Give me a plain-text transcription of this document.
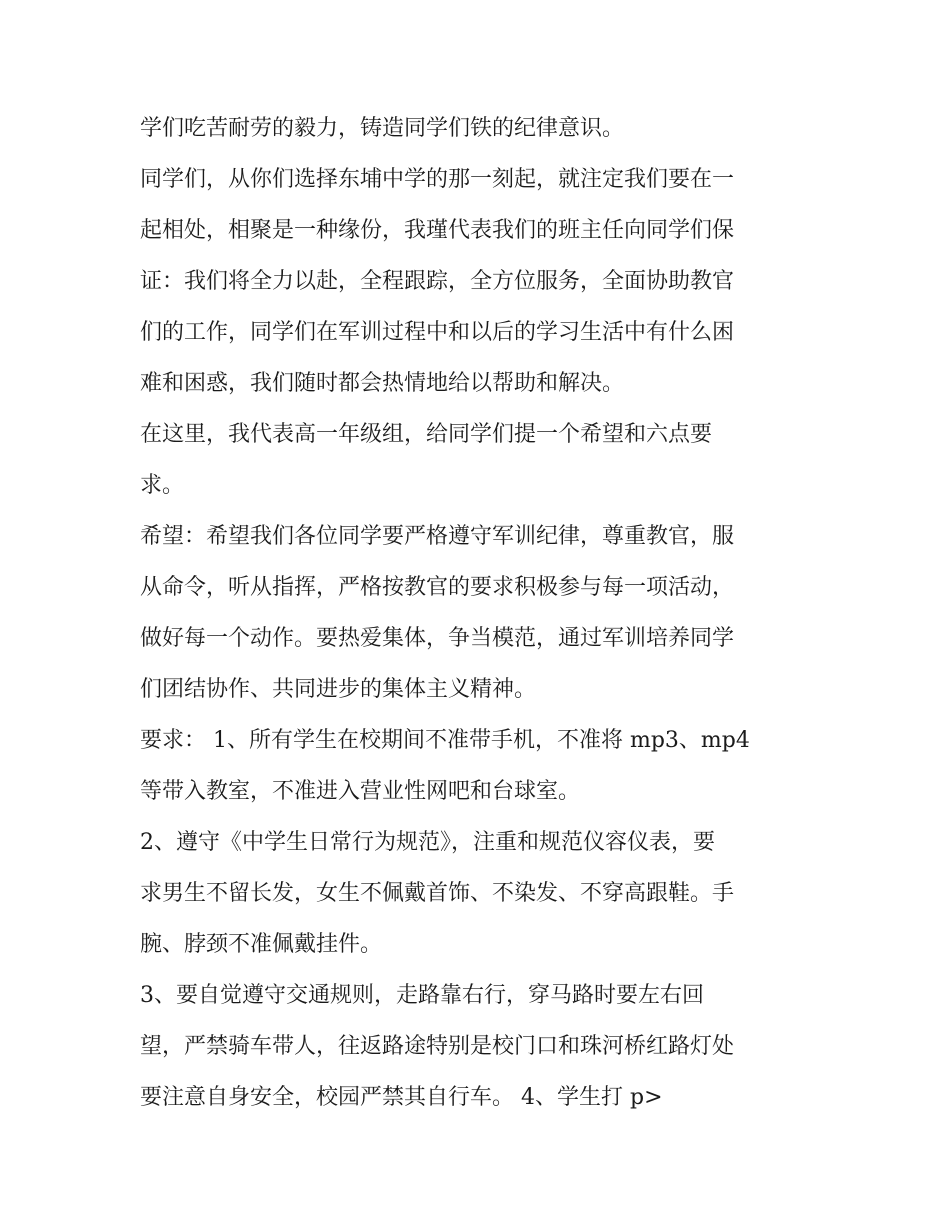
学们吃苦耐劳的毅力，铸造同学们铁的纪律意识。
同学们，从你们选择东埔中学的那一刻起，就注定我们要在一
起相处，相聚是一种缘份，我瑾代表我们的班主任向同学们保
证：我们将全力以赴，全程跟踪，全方位服务，全面协助教官
们的工作，同学们在军训过程中和以后的学习生活中有什么困
难和困惑，我们随时都会热情地给以帮助和解决。
在这里，我代表高一年级组，给同学们提一个希望和六点要
求。
希望：希望我们各位同学要严格遵守军训纪律，尊重教官，服
从命令，听从指挥，严格按教官的要求积极参与每一项活动，
做好每一个动作。要热爱集体，争当模范，通过军训培养同学
们团结协作、共同进步的集体主义精神。
要求： 1、所有学生在校期间不准带手机，不准将 mp3、mp4
等带入教室，不准进入营业性网吧和台球室。
2、遵守《中学生日常行为规范》，注重和规范仪容仪表，要
求男生不留长发，女生不佩戴首饰、不染发、不穿高跟鞋。手
腕、脖颈不准佩戴挂件。
3、要自觉遵守交通规则，走路靠右行，穿马路时要左右回
望，严禁骑车带人，往返路途特别是校门口和珠河桥红路灯处
要注意自身安全，校园严禁其自行车。 4、学生打 p>
